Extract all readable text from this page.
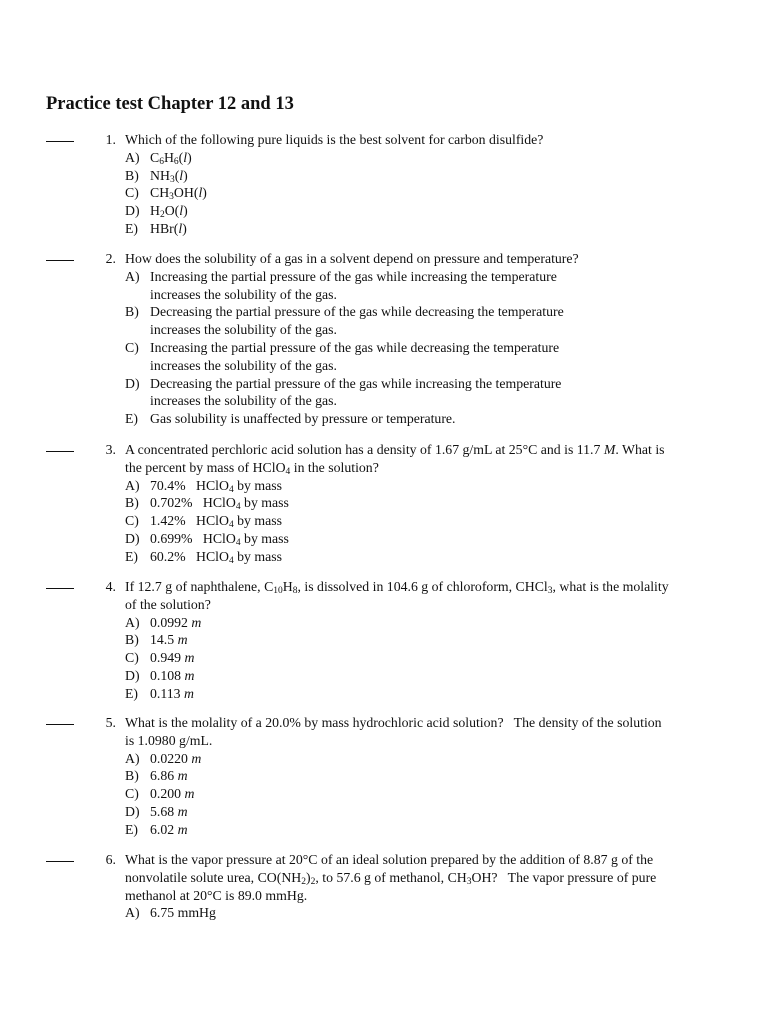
Practice test Chapter 12 and 13
1. Which of the following pure liquids is the best solvent for carbon disulfide?
A) $C_6H_6(l)$
B) $NH_3(l)$
C) $CH_3OH(l)$
D) $H_2O(l)$
E) HBr(l)
2. How does the solubility of a gas in a solvent depend on pressure and temperature?
A) Increasing the partial pressure of the gas while increasing the temperature
increases the solubility of the gas.
B) Decreasing the partial pressure of the gas while decreasing the temperature
increases the solubility of the gas.
C) Increasing the partial pressure of the gas while decreasing the temperature
increases the solubility of the gas.
D) Decreasing the partial pressure of the gas while increasing the temperature
increases the solubility of the gas.
E) Gas solubility is unaffected by pressure or temperature.
3. A concentrated perchloric acid solution has a density of 1.67 g/mL at 25°C and is 11.7 M. What is
the percent by mass of HClO$_4$ in the solution?
A) 70.4%   HClO$_4$ by mass
B) 0.702%   HClO$_4$ by mass
C) 1.42%   HClO$_4$ by mass
D) 0.699%   HClO$_4$ by mass
E) 60.2%   HClO$_4$ by mass
4. If 12.7 g of naphthalene, $C_{10}H_8$, is dissolved in 104.6 g of chloroform, CHCl$_3$, what is the molality
of the solution?
A) 0.0992 m
B) 14.5 m
C) 0.949 m
D) 0.108 m
E) 0.113 m
5. What is the molality of a 20.0% by mass hydrochloric acid solution?   The density of the solution
is 1.0980 g/mL.
A) 0.0220 m
B) 6.86 m
C) 0.200 m
D) 5.68 m
E) 6.02 m
6. What is the vapor pressure at 20°C of an ideal solution prepared by the addition of 8.87 g of the
nonvolatile solute urea, $CO(NH_2)_2$, to 57.6 g of methanol, $CH_3OH$?   The vapor pressure of pure
methanol at 20°C is 89.0 mmHg.
A) 6.75 mmHg
